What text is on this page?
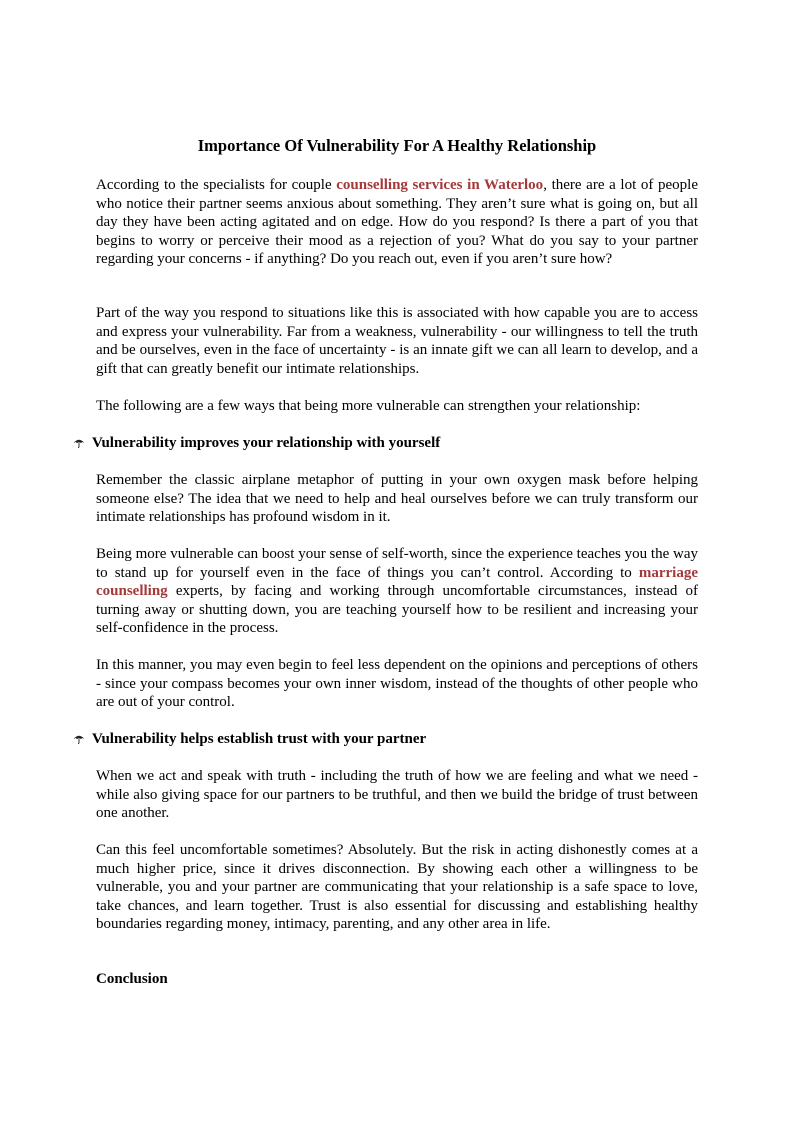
Importance Of Vulnerability For A Healthy Relationship

According to the specialists for couple counselling services in Waterloo, there are a lot of people who notice their partner seems anxious about something. They aren’t sure what is going on, but all day they have been acting agitated and on edge. How do you respond? Is there a part of you that begins to worry or perceive their mood as a rejection of you? What do you say to your partner regarding your concerns - if anything? Do you reach out, even if you aren’t sure how?

Part of the way you respond to situations like this is associated with how capable you are to access and express your vulnerability. Far from a weakness, vulnerability - our willingness to tell the truth and be ourselves, even in the face of uncertainty - is an innate gift we can all learn to develop, and a gift that can greatly benefit our intimate relationships.

The following are a few ways that being more vulnerable can strengthen your relationship:

Vulnerability improves your relationship with yourself

Remember the classic airplane metaphor of putting in your own oxygen mask before helping someone else? The idea that we need to help and heal ourselves before we can truly transform our intimate relationships has profound wisdom in it.

Being more vulnerable can boost your sense of self-worth, since the experience teaches you the way to stand up for yourself even in the face of things you can’t control. According to marriage counselling experts, by facing and working through uncomfortable circumstances, instead of turning away or shutting down, you are teaching yourself how to be resilient and increasing your self-confidence in the process.

In this manner, you may even begin to feel less dependent on the opinions and perceptions of others - since your compass becomes your own inner wisdom, instead of the thoughts of other people who are out of your control.

Vulnerability helps establish trust with your partner

When we act and speak with truth - including the truth of how we are feeling and what we need - while also giving space for our partners to be truthful, and then we build the bridge of trust between one another.

Can this feel uncomfortable sometimes? Absolutely. But the risk in acting dishonestly comes at a much higher price, since it drives disconnection. By showing each other a willingness to be vulnerable, you and your partner are communicating that your relationship is a safe space to love, take chances, and learn together. Trust is also essential for discussing and establishing healthy boundaries regarding money, intimacy, parenting, and any other area in life.

Conclusion
